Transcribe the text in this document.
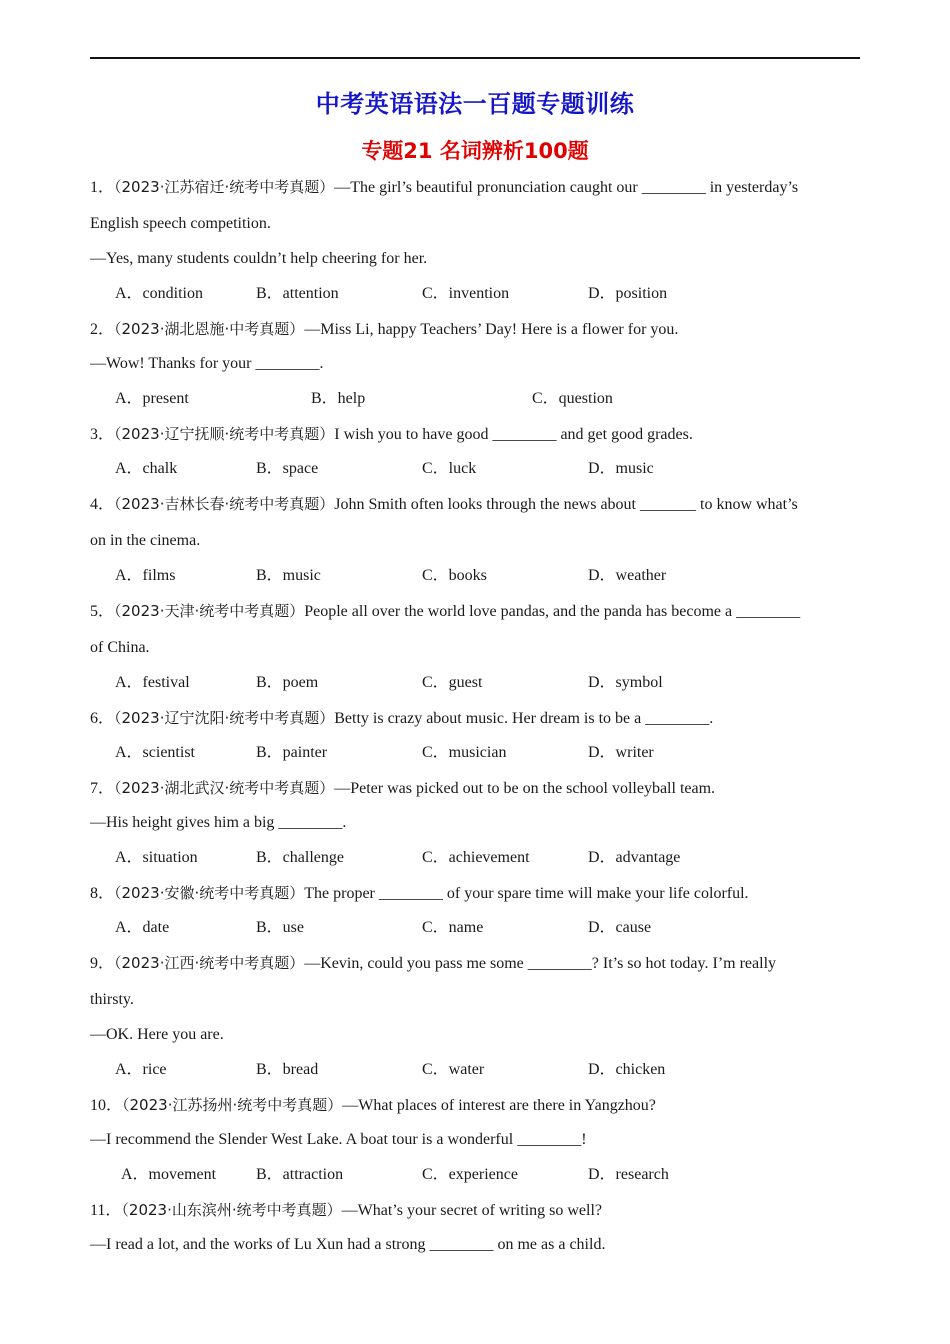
中考英语语法一百题专题训练
专题21 名词辨析100题
1．（2023·江苏宿迁·统考中考真题）—The girl’s beautiful pronunciation caught our ________ in yesterday’s
English speech competition.
—Yes, many students couldn’t help cheering for her.
A．condition	B．attention	C．invention	D．position
2．（2023·湖北恩施·中考真题）—Miss Li, happy Teachers’ Day! Here is a flower for you.
—Wow! Thanks for your ________.
A．present	B．help	C．question
3．（2023·辽宁抚顺·统考中考真题）I wish you to have good ________ and get good grades.
A．chalk	B．space	C．luck	D．music
4．（2023·吉林长春·统考中考真题）John Smith often looks through the news about _______ to know what’s
on in the cinema.
A．films	B．music	C．books	D．weather
5．（2023·天津·统考中考真题）People all over the world love pandas, and the panda has become a ________
of China.
A．festival	B．poem	C．guest	D．symbol
6．（2023·辽宁沈阳·统考中考真题）Betty is crazy about music. Her dream is to be a ________.
A．scientist	B．painter	C．musician	D．writer
7．（2023·湖北武汉·统考中考真题）—Peter was picked out to be on the school volleyball team.
—His height gives him a big ________.
A．situation	B．challenge	C．achievement	D．advantage
8．（2023·安徽·统考中考真题）The proper ________ of your spare time will make your life colorful.
A．date	B．use	C．name	D．cause
9．（2023·江西·统考中考真题）—Kevin, could you pass me some ________? It’s so hot today. I’m really
thirsty.
—OK. Here you are.
A．rice	B．bread	C．water	D．chicken
10．（2023·江苏扬州·统考中考真题）—What places of interest are there in Yangzhou?
—I recommend the Slender West Lake. A boat tour is a wonderful ________!
A．movement B．attraction	C．experience	D．research
11．（2023·山东滨州·统考中考真题）—What’s your secret of writing so well?
—I read a lot, and the works of Lu Xun had a strong ________ on me as a child.
